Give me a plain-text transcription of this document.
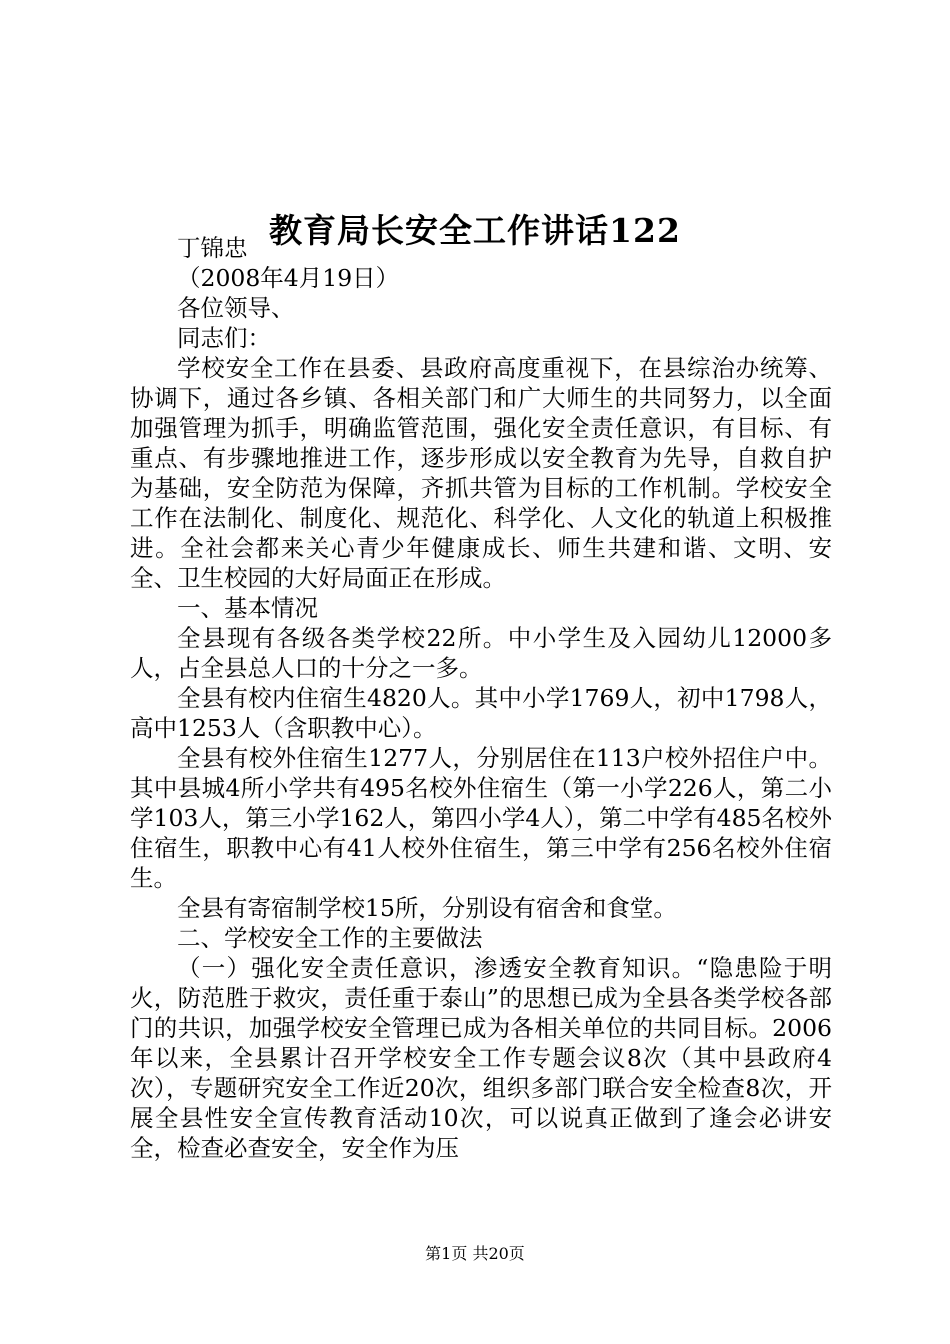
教育局长安全工作讲话122

丁锦忠

（2008年4月19日）

各位领导、

同志们：

学校安全工作在县委、县政府高度重视下，在县综治办统筹、协调下，通过各乡镇、各相关部门和广大师生的共同努力，以全面加强管理为抓手，明确监管范围，强化安全责任意识，有目标、有重点、有步骤地推进工作，逐步形成以安全教育为先导，自救自护为基础，安全防范为保障，齐抓共管为目标的工作机制。学校安全工作在法制化、制度化、规范化、科学化、人文化的轨道上积极推进。全社会都来关心青少年健康成长、师生共建和谐、文明、安全、卫生校园的大好局面正在形成。

一、基本情况

全县现有各级各类学校22所。中小学生及入园幼儿12000多人，占全县总人口的十分之一多。

全县有校内住宿生4820人。其中小学1769人，初中1798人，高中1253人（含职教中心）。

全县有校外住宿生1277人，分别居住在113户校外招住户中。其中县城4所小学共有495名校外住宿生（第一小学226人，第二小学103人，第三小学162人，第四小学4人），第二中学有485名校外住宿生，职教中心有41人校外住宿生，第三中学有256名校外住宿生。

全县有寄宿制学校15所，分别设有宿舍和食堂。

二、学校安全工作的主要做法

（一）强化安全责任意识，渗透安全教育知识。“隐患险于明火，防范胜于救灾，责任重于泰山”的思想已成为全县各类学校各部门的共识，加强学校安全管理已成为各相关单位的共同目标。2006年以来，全县累计召开学校安全工作专题会议8次（其中县政府4次），专题研究安全工作近20次，组织多部门联合安全检查8次，开展全县性安全宣传教育活动10次，可以说真正做到了逢会必讲安全，检查必查安全，安全作为压

第1页 共20页
